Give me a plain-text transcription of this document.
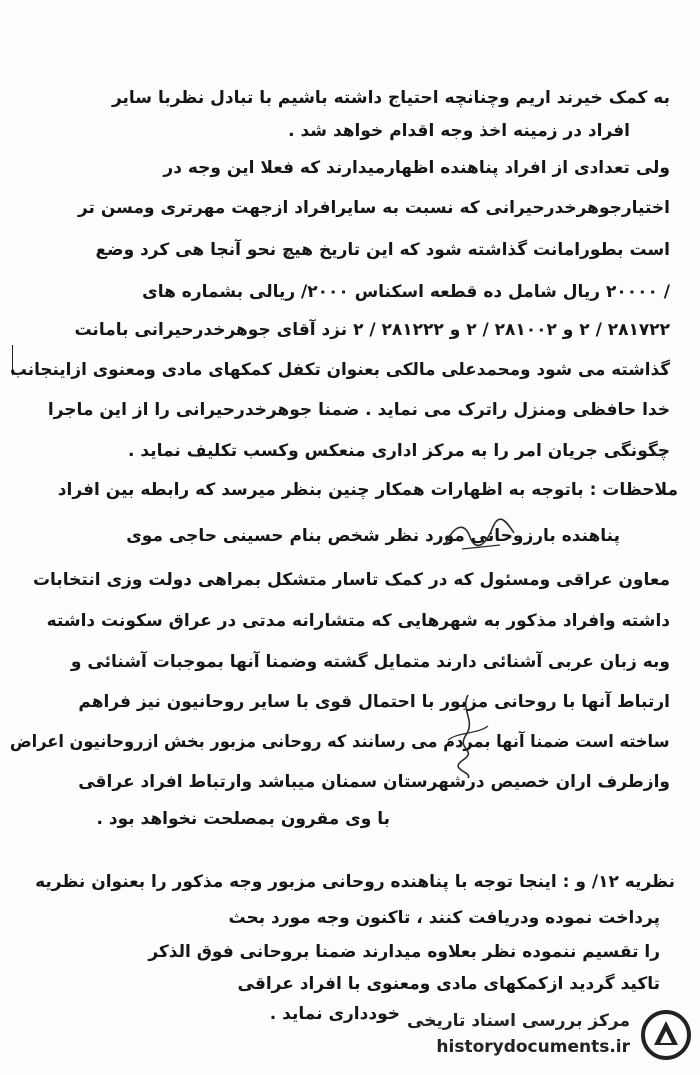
به کمک خیرند اریم وچنانچه احتیاج داشته باشیم با تبادل نظربا سایر
افراد در زمینه اخذ وجه اقدام خواهد شد .
ولی تعدادی از افراد پناهنده اظهارمیدارند که فعلا این وجه در
اختیارجوهرخدرحیرانی که نسبت به سایرافراد ازجهت مهرتری ومسن تر
است بطورامانت گذاشته شود که این تاریخ هیچ نحو آنجا هی کرد وضع
/ ۲۰۰۰۰ ریال شامل ده قطعه اسکناس ۲۰۰۰/ ریالی بشماره های
۲۸۱۷۲۲ / ۲ و ۲۸۱۰۰۲ / ۲ و ۲۸۱۲۲۲ / ۲ نزد آقای جوهرخدرحیرانی بامانت
گذاشته می شود ومحمدعلی مالکی بعنوان تکفل کمکهای مادی ومعنوی ازاینجانب
خدا حافظی ومنزل راترک می نماید . ضمنا جوهرخدرحیرانی را از این ماجرا
چگونگی جریان امر را به مرکز اداری منعکس وکسب تکلیف نماید .
ملاحظات : باتوجه به اظهارات همکار چنین بنظر میرسد که رابطه بین افراد
پناهنده بارزوحانی مورد نظر شخص بنام حسینی حاجی موی
معاون عراقی ومسئول که در کمک تاسار متشکل بمراهی دولت وزی انتخابات
داشته وافراد مذکور به شهرهایی که متشارانه مدتی در عراق سکونت داشته
وبه زبان عربی آشنائی دارند متمایل گشته وضمنا آنها بموجبات آشنائی و
ارتباط آنها با روحانی مزبور با احتمال قوی با سایر روحانیون نیز فراهم
ساخته است ضمنا آنها بمردم می رسانند که روحانی مزبور بخش ازروحانیون اعراض
وازطرف اران خصیص درشهرستان سمنان میباشد وارتباط افراد عراقی
با وی مقرون بمصلحت نخواهد بود .
نظریه ۱۲/ و : اینجا توجه با پناهنده روحانی مزبور وجه مذکور را بعنوان نظریه
پرداخت نموده ودریافت کنند ، تاکنون وجه مورد بحث
را تقسیم ننموده نظر بعلاوه میدارند ضمنا بروحانی فوق الذکر
تاکید گردید ازکمکهای مادی ومعنوی با افراد عراقی
خودداری نماید . مرکز بررسی اسناد تاریخی
historydocuments.ir
